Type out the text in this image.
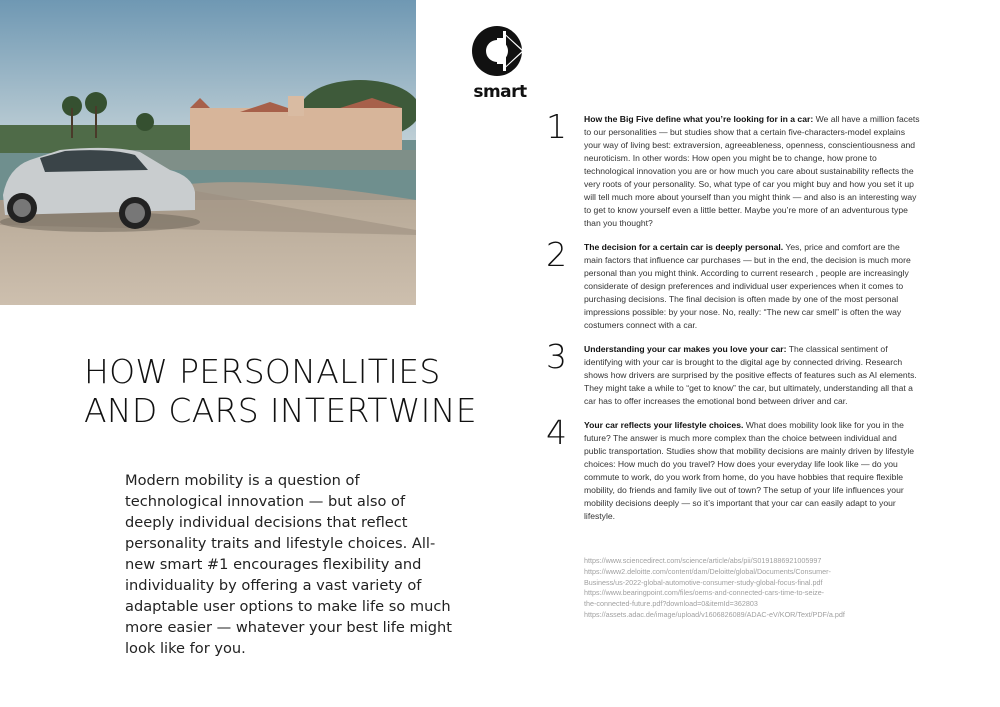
smart
HOW PERSONALITIES
AND CARS INTERTWINE

Modern mobility is a question of technological innovation — but also of deeply individual decisions that reflect personality traits and lifestyle choices. All-new smart #1 encourages flexibility and individuality by offering a vast variety of adaptable user options to make life so much more easier — whatever your best life might look like for you.

1 How the Big Five define what you’re looking for in a car: We all have a million facets to our personalities — but studies show that a certain five-characters-model explains your way of living best: extraversion, agreeableness, openness, conscientiousness and neuroticism. In other words: How open you might be to change, how prone to technological innovation you are or how much you care about sustainability reflects the very roots of your personality. So, what type of car you might buy and how you set it up will tell much more about yourself than you might think — and also is an interesting way to get to know yourself even a little better. Maybe you’re more of an adventurous type than you thought?

2 The decision for a certain car is deeply personal. Yes, price and comfort are the main factors that influence car purchases — but in the end, the decision is much more personal than you might think. According to current research , people are increasingly considerate of design preferences and individual user experiences when it comes to purchasing decisions. The final decision is often made by one of the most personal impressions possible: by your nose. No, really: “The new car smell” is often the way costumers connect with a car.

3 Understanding your car makes you love your car: The classical sentiment of identifying with your car is brought to the digital age by connected driving. Research shows how drivers are surprised by the positive effects of features such as AI elements. They might take a while to “get to know” the car, but ultimately, understanding all that a car has to offer increases the emotional bond between driver and car.

4 Your car reflects your lifestyle choices. What does mobility look like for you in the future? The answer is much more complex than the choice between individual and public transportation. Studies show that mobility decisions are mainly driven by lifestyle choices: How much do you travel? How does your everyday life look like — do you commute to work, do you work from home, do you have hobbies that require flexible mobility, do friends and family live out of town? The setup of your life influences your mobility decisions deeply — so it’s important that your car can easily adapt to your lifestyle.

https://www.sciencedirect.com/science/article/abs/pii/S0191886921005997
https://www2.deloitte.com/content/dam/Deloitte/global/Documents/Consumer-
Business/us-2022-global-automotive-consumer-study-global-focus-final.pdf
https://www.bearingpoint.com/files/oems-and-connected-cars-time-to-seize-
the-connected-future.pdf?download=0&itemId=362803
https://assets.adac.de/image/upload/v1606826089/ADAC-eV/KOR/Text/PDF/a.pdf
